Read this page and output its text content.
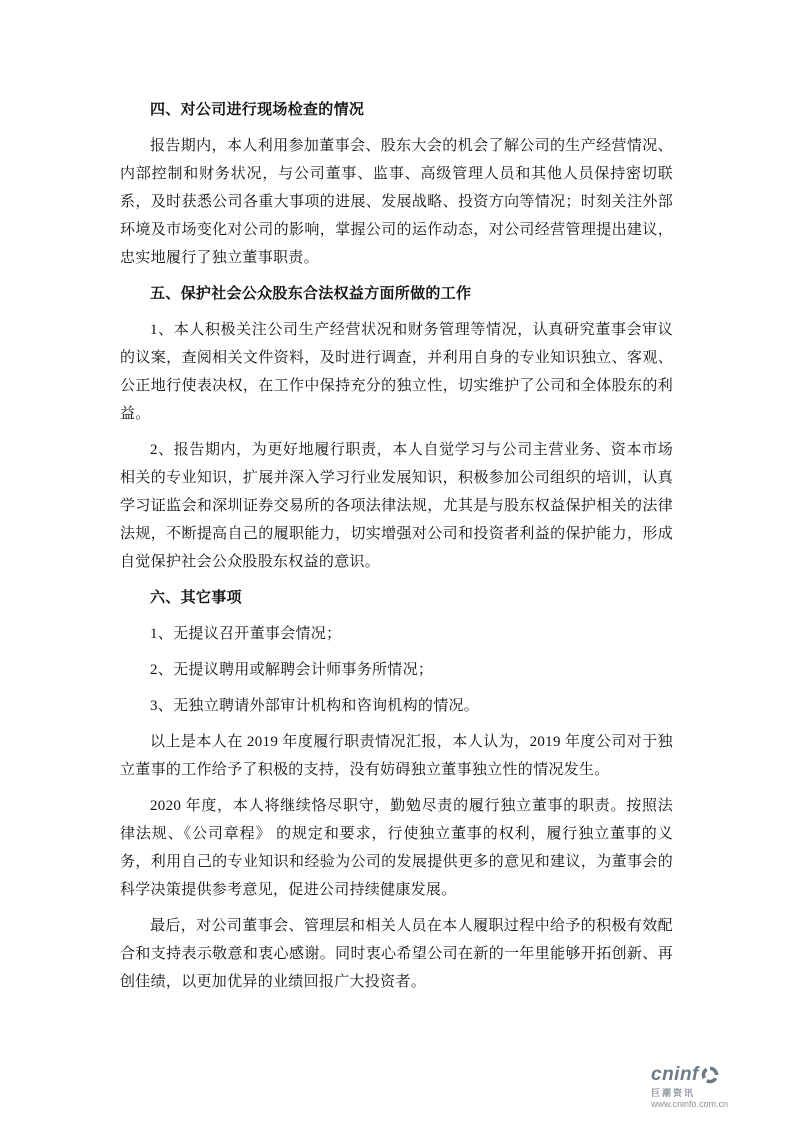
四、对公司进行现场检查的情况
报告期内，本人利用参加董事会、股东大会的机会了解公司的生产经营情况、内部控制和财务状况，与公司董事、监事、高级管理人员和其他人员保持密切联系，及时获悉公司各重大事项的进展、发展战略、投资方向等情况；时刻关注外部环境及市场变化对公司的影响，掌握公司的运作动态，对公司经营管理提出建议，忠实地履行了独立董事职责。
五、保护社会公众股东合法权益方面所做的工作
1、本人积极关注公司生产经营状况和财务管理等情况，认真研究董事会审议的议案，查阅相关文件资料，及时进行调查，并利用自身的专业知识独立、客观、公正地行使表决权，在工作中保持充分的独立性，切实维护了公司和全体股东的利益。
2、报告期内，为更好地履行职责，本人自觉学习与公司主营业务、资本市场相关的专业知识，扩展并深入学习行业发展知识，积极参加公司组织的培训，认真学习证监会和深圳证券交易所的各项法律法规，尤其是与股东权益保护相关的法律法规，不断提高自己的履职能力，切实增强对公司和投资者利益的保护能力，形成自觉保护社会公众股股东权益的意识。
六、其它事项
1、无提议召开董事会情况；
2、无提议聘用或解聘会计师事务所情况；
3、无独立聘请外部审计机构和咨询机构的情况。
以上是本人在 2019 年度履行职责情况汇报，本人认为，2019 年度公司对于独立董事的工作给予了积极的支持，没有妨碍独立董事独立性的情况发生。
2020 年度，本人将继续恪尽职守，勤勉尽责的履行独立董事的职责。按照法律法规、《公司章程》 的规定和要求，行使独立董事的权利，履行独立董事的义务，利用自己的专业知识和经验为公司的发展提供更多的意见和建议，为董事会的科学决策提供参考意见，促进公司持续健康发展。
最后，对公司董事会、管理层和相关人员在本人履职过程中给予的积极有效配合和支持表示敬意和衷心感谢。同时衷心希望公司在新的一年里能够开拓创新、再创佳绩，以更加优异的业绩回报广大投资者。
cninf
巨潮资讯
www.cninfo.com.cn
